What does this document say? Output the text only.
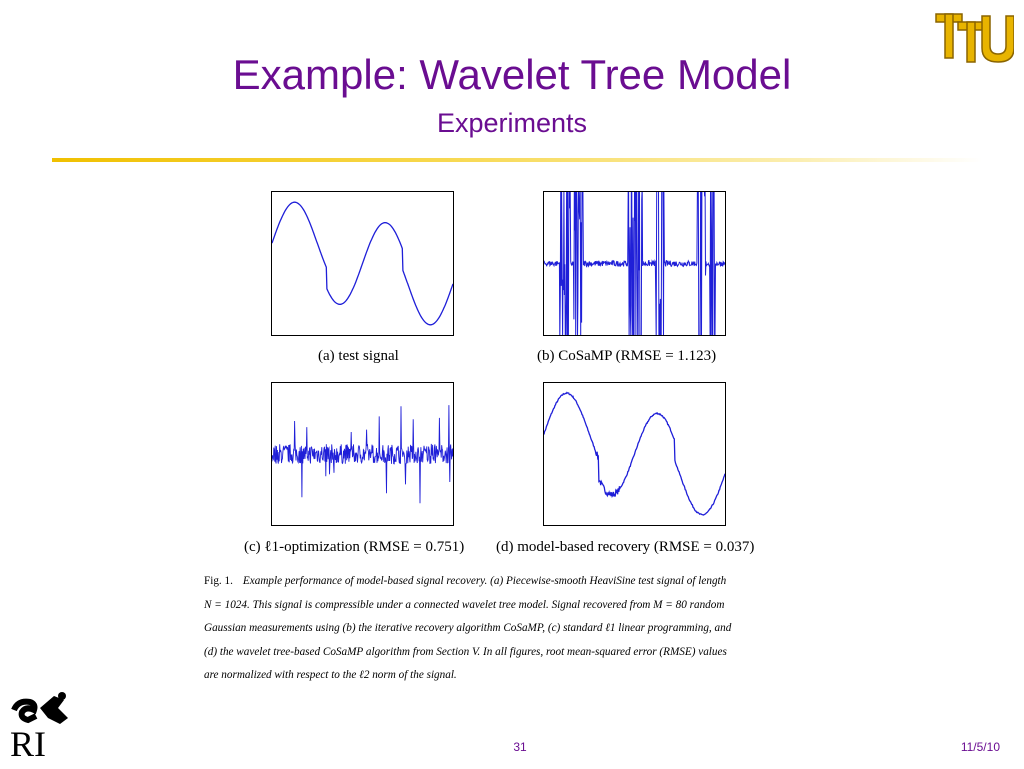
Example: Wavelet Tree Model
Experiments
(a) test signal	(b) CoSaMP (RMSE = 1.123)
(c) ℓ1-optimization (RMSE = 0.751) (d) model-based recovery (RMSE = 0.037)
Fig. 1. Example performance of model-based signal recovery. (a) Piecewise-smooth HeaviSine test signal of length
N = 1024. This signal is compressible under a connected wavelet tree model. Signal recovered from M = 80 random
Gaussian measurements using (b) the iterative recovery algorithm CoSaMP, (c) standard ℓ1 linear programming, and
(d) the wavelet tree-based CoSaMP algorithm from Section V. In all figures, root mean-squared error (RMSE) values
are normalized with respect to the ℓ2 norm of the signal.
RI	31	11/5/10
